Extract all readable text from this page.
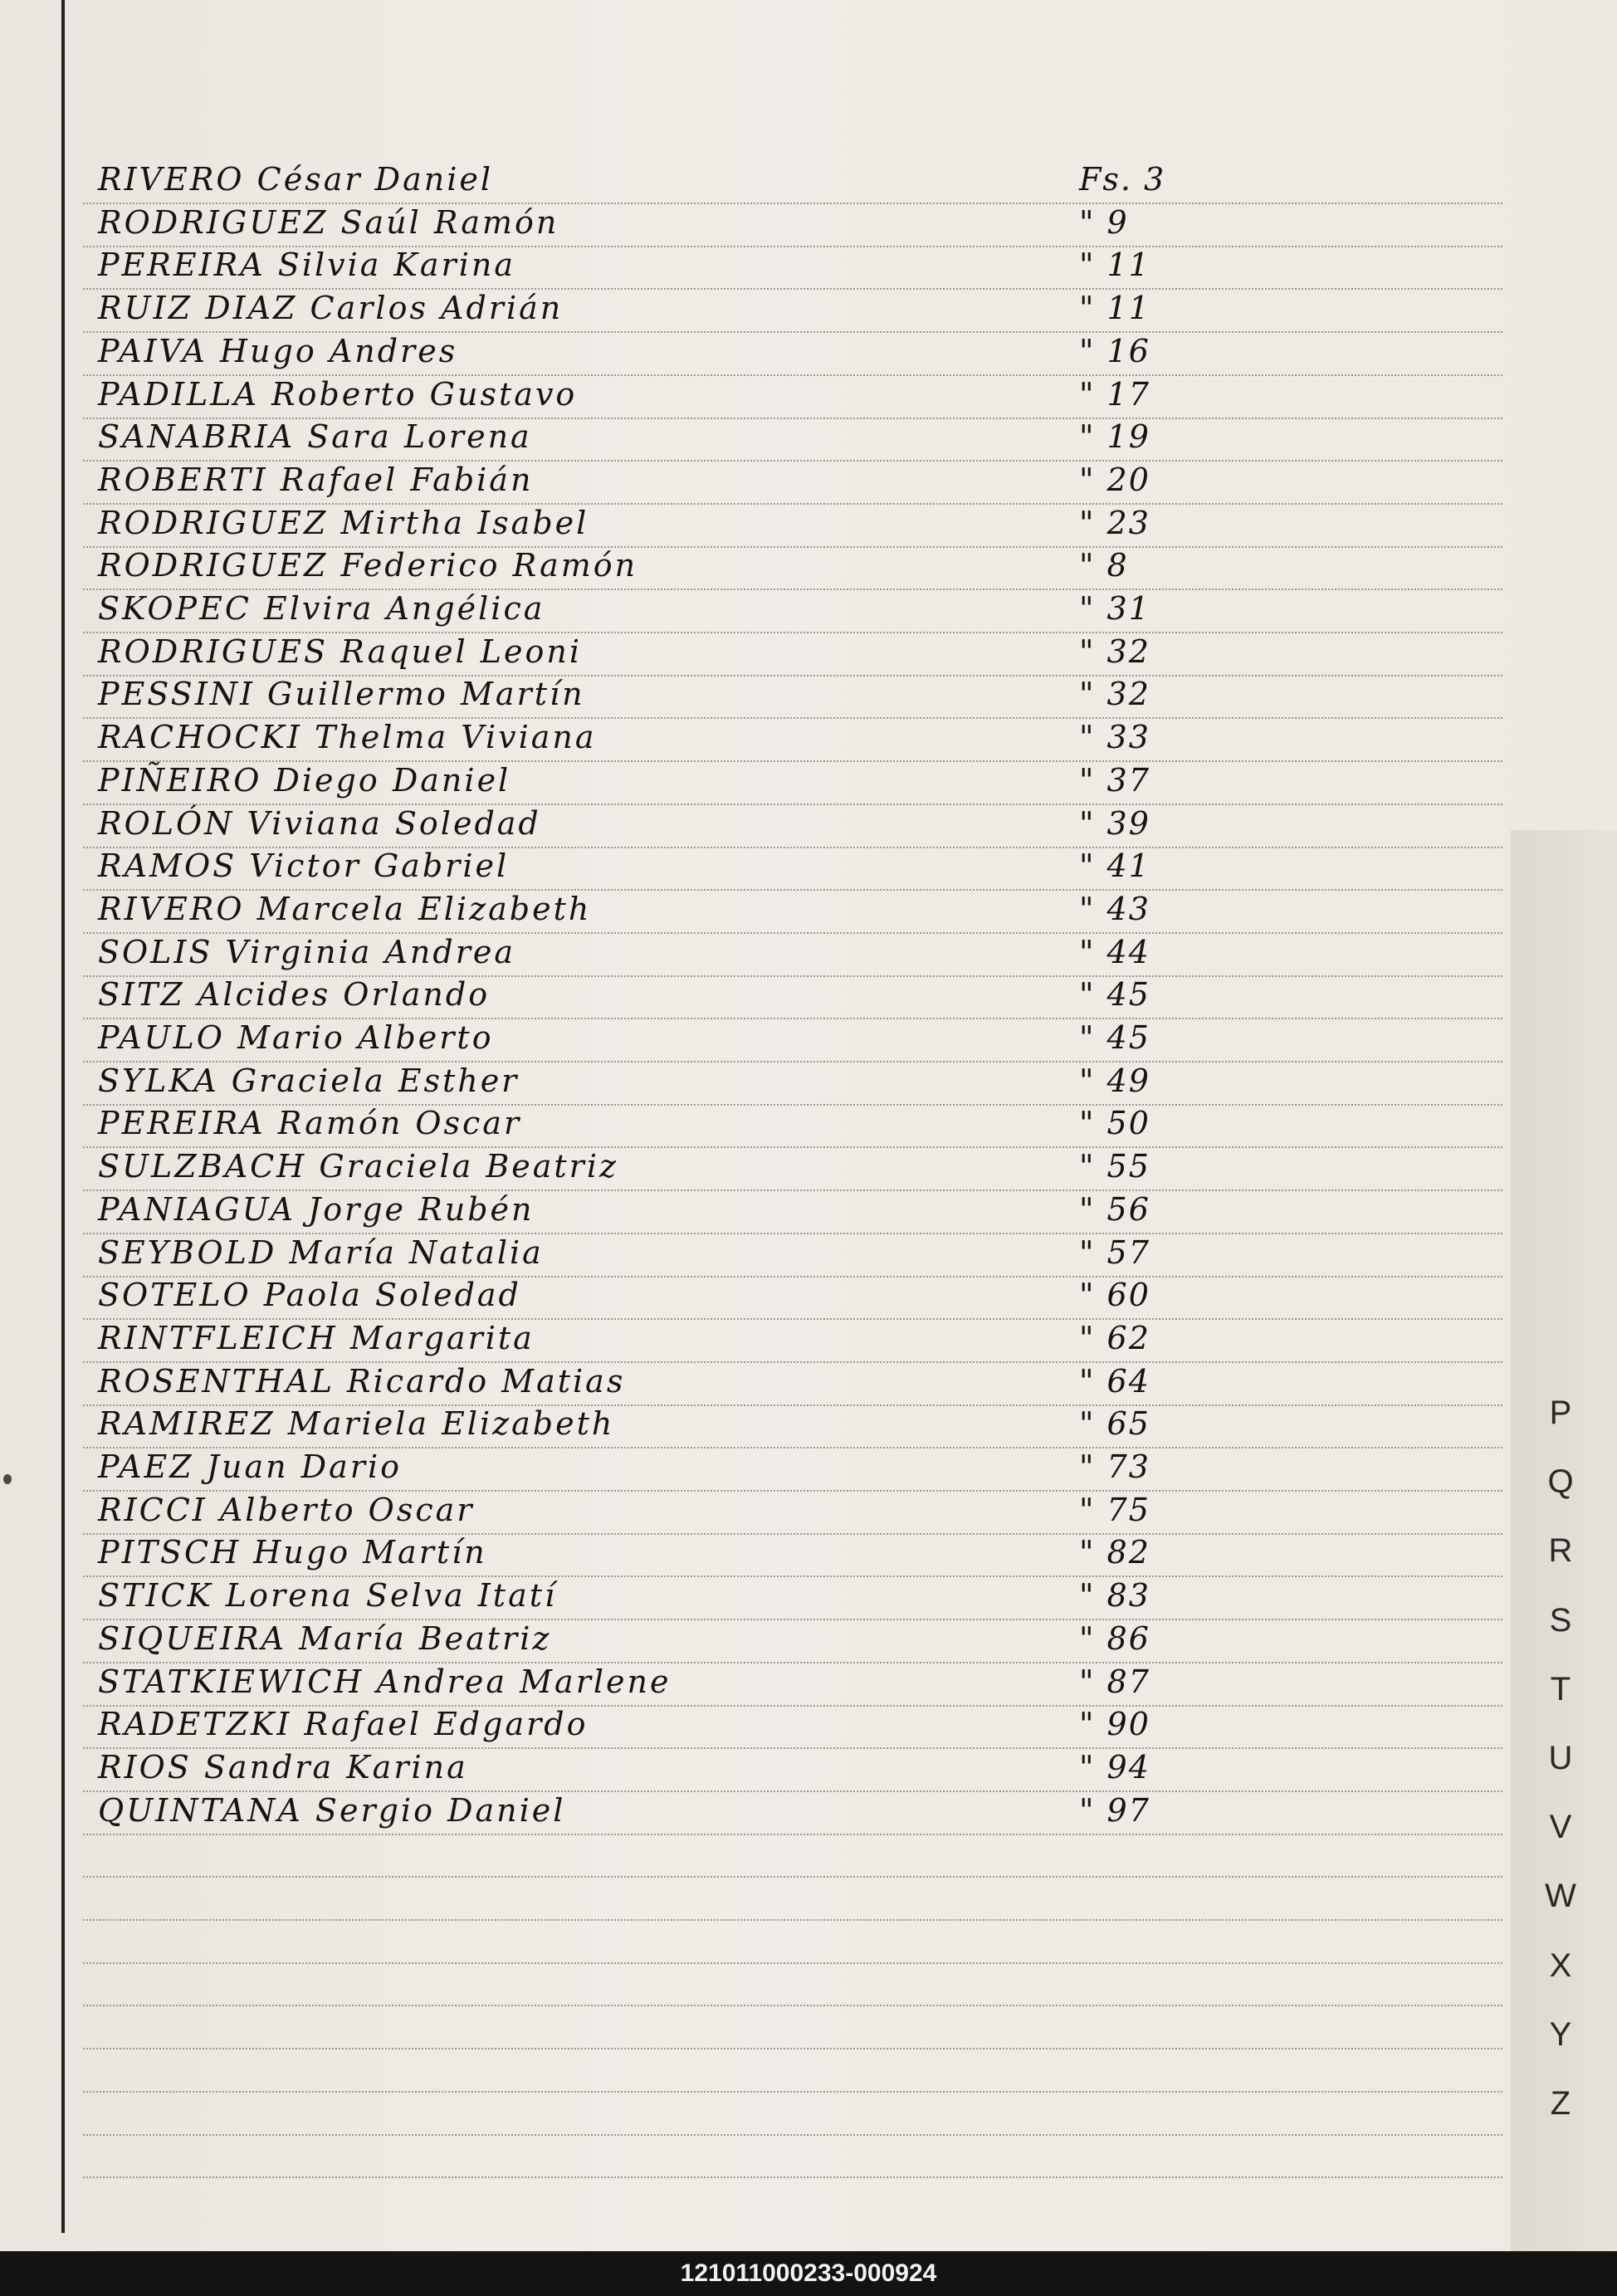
RIVERO César Daniel	Fs. 3
RODRIGUEZ Saúl Ramón	" 9
PEREIRA Silvia Karina	" 11
RUIZ DIAZ Carlos Adrián	" 11
PAIVA Hugo Andres	" 16
PADILLA Roberto Gustavo	" 17
SANABRIA Sara Lorena	" 19
ROBERTI Rafael Fabián	" 20
RODRIGUEZ Mirtha Isabel	" 23
RODRIGUEZ Federico Ramón	" 8
SKOPEC Elvira Angélica	" 31
RODRIGUES Raquel Leoni	" 32
PESSINI Guillermo Martín	" 32
RACHOCKI Thelma Viviana	" 33
PIÑEIRO Diego Daniel	" 37
ROLÓN Viviana Soledad	" 39
RAMOS Victor Gabriel	" 41
RIVERO Marcela Elizabeth	" 43
SOLIS Virginia Andrea	" 44
SITZ Alcides Orlando	" 45
PAULO Mario Alberto	" 45
SYLKA Graciela Esther	" 49
PEREIRA Ramón Oscar	" 50
SULZBACH Graciela Beatriz	" 55
PANIAGUA Jorge Rubén	" 56
SEYBOLD María Natalia	" 57
SOTELO Paola Soledad	" 60
RINTFLEICH Margarita	" 62
ROSENTHAL Ricardo Matias	" 64
RAMIREZ Mariela Elizabeth	" 65
PAEZ Juan Dario	" 73
RICCI Alberto Oscar	" 75
PITSCH Hugo Martín	" 82
STICK Lorena Selva Itatí	" 83
SIQUEIRA María Beatriz	" 86
STATKIEWICH Andrea Marlene	" 87
RADETZKI Rafael Edgardo	" 90
RIOS Sandra Karina	" 94
QUINTANA Sergio Daniel	" 97
P
Q
R
S
T
U
V
W
X
Y
Z
121011000233-000924
